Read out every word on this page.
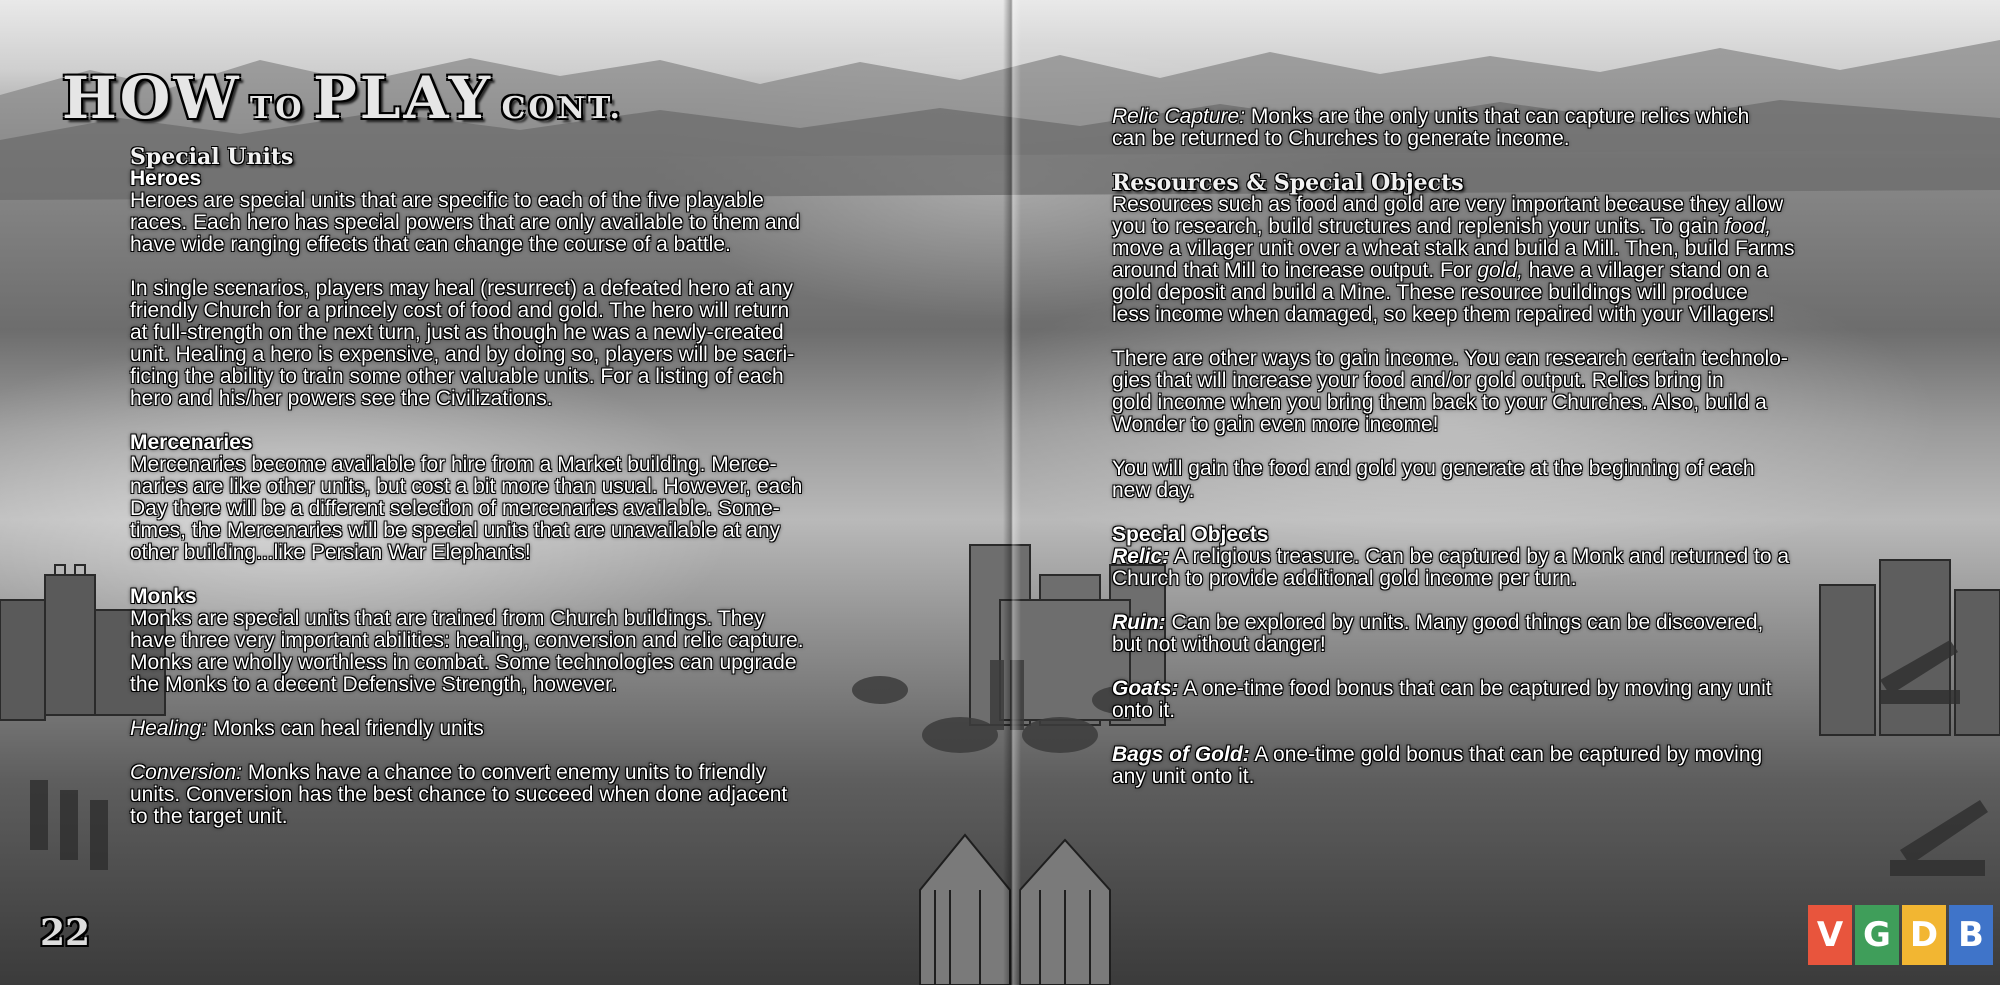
HOW TO PLAY CONT.

Special Units

Heroes

Heroes are special units that are specific to each of the five playable

races. Each hero has special powers that are only available to them and

have wide ranging effects that can change the course of a battle.

In single scenarios, players may heal (resurrect) a defeated hero at any

friendly Church for a princely cost of food and gold. The hero will return

at full-strength on the next turn, just as though he was a newly-created

unit. Healing a hero is expensive, and by doing so, players will be sacri-

ficing the ability to train some other valuable units. For a listing of each

hero and his/her powers see the Civilizations.

Mercenaries

Mercenaries become available for hire from a Market building. Merce-

naries are like other units, but cost a bit more than usual. However, each

Day there will be a different selection of mercenaries available. Some-

times, the Mercenaries will be special units that are unavailable at any

other building...like Persian War Elephants!

Monks

Monks are special units that are trained from Church buildings. They

have three very important abilities: healing, conversion and relic capture.

Monks are wholly worthless in combat. Some technologies can upgrade

the Monks to a decent Defensive Strength, however.

Healing: Monks can heal friendly units

Conversion: Monks have a chance to convert enemy units to friendly

units. Conversion has the best chance to succeed when done adjacent

to the target unit.

22

Relic Capture: Monks are the only units that can capture relics which

can be returned to Churches to generate income.

Resources & Special Objects

Resources such as food and gold are very important because they allow

you to research, build structures and replenish your units. To gain food,

move a villager unit over a wheat stalk and build a Mill. Then, build Farms

around that Mill to increase output. For gold, have a villager stand on a

gold deposit and build a Mine. These resource buildings will produce

less income when damaged, so keep them repaired with your Villagers!

There are other ways to gain income. You can research certain technolo-

gies that will increase your food and/or gold output. Relics bring in

gold income when you bring them back to your Churches. Also, build a

Wonder to gain even more income!

You will gain the food and gold you generate at the beginning of each

new day.

Special Objects

Relic: A religious treasure. Can be captured by a Monk and returned to a

Church to provide additional gold income per turn.

Ruin: Can be explored by units. Many good things can be discovered,

but not without danger!

Goats: A one-time food bonus that can be captured by moving any unit

onto it.

Bags of Gold: A one-time gold bonus that can be captured by moving

any unit onto it.

V G D B
